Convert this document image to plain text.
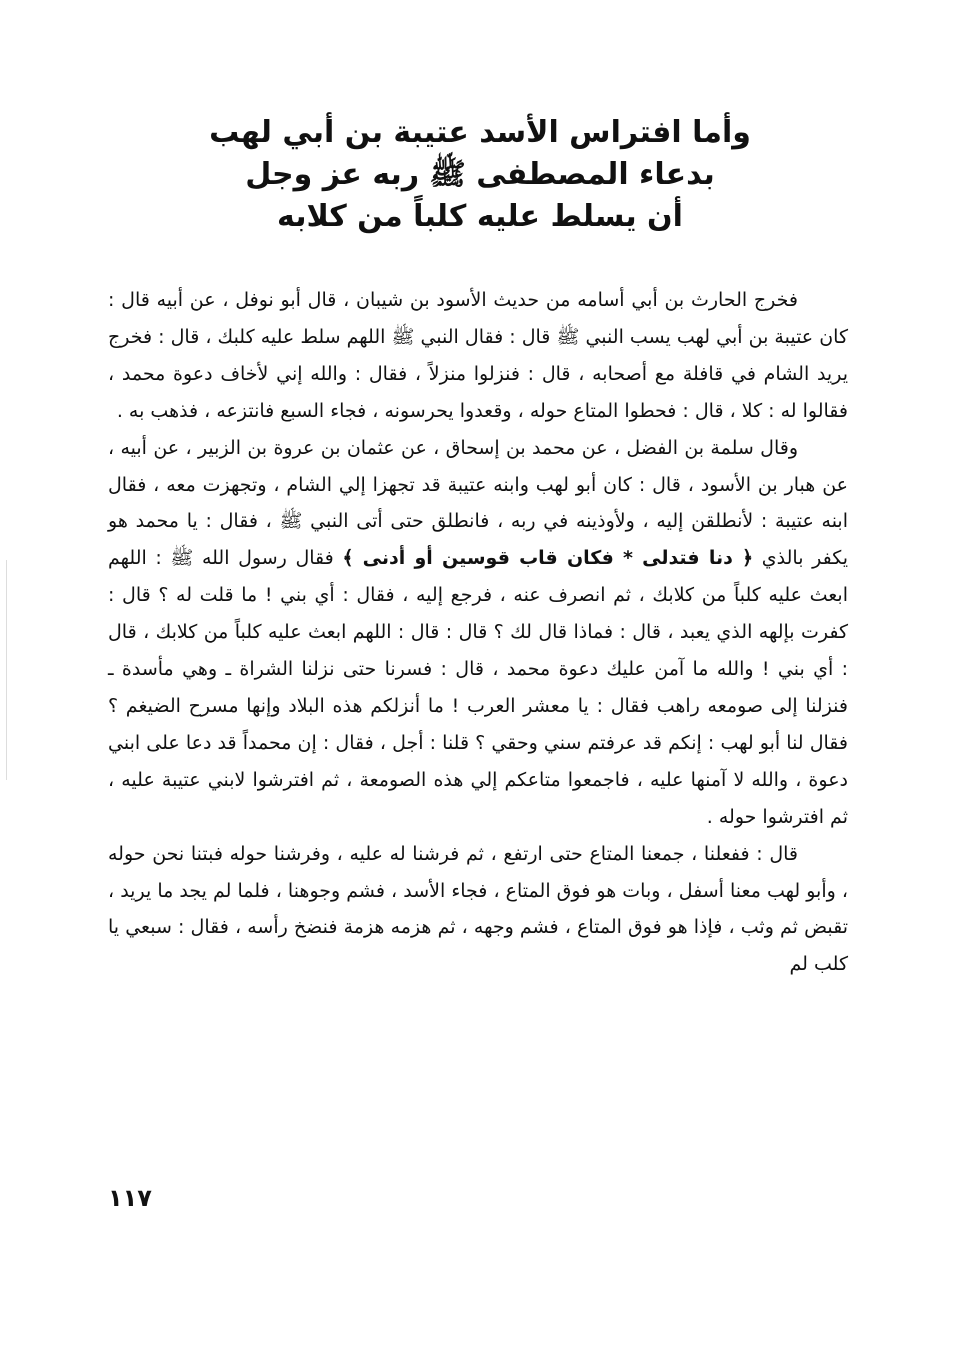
وأما افتراس الأسد عتيبة بن أبي لهب
بدعاء المصطفى ﷺ ربه عز وجل
أن يسلط عليه كلباً من كلابه

فخرج الحارث بن أبي أسامه من حديث الأسود بن شيبان ، قال أبو نوفل ، عن أبيه قال : كان عتيبة بن أبي لهب يسب النبي ﷺ قال : فقال النبي ﷺ اللهم سلط عليه كلبك ، قال : فخرج يريد الشام في قافلة مع أصحابه ، قال : فنزلوا منزلاً ، فقال : والله إني لأخاف دعوة محمد ، فقالوا له : كلا ، قال : فحطوا المتاع حوله ، وقعدوا يحرسونه ، فجاء السبع فانتزعه ، فذهب به .

وقال سلمة بن الفضل ، عن محمد بن إسحاق ، عن عثمان بن عروة بن الزبير ، عن أبيه ، عن هبار بن الأسود ، قال : كان أبو لهب وابنه عتيبة قد تجهزا إلي الشام ، وتجهزت معه ، فقال ابنه عتيبة : لأنطلقن إليه ، ولأوذينه في ربه ، فانطلق حتى أتى النبي ﷺ ، فقال : يا محمد هو يكفر بالذي ﴿ دنا فتدلى * فكان قاب قوسين أو أدنى ﴾ فقال رسول الله ﷺ : اللهم ابعث عليه كلباً من كلابك ، ثم انصرف عنه ، فرجع إليه ، فقال : أي بني ! ما قلت له ؟ قال : كفرت بإلهه الذي يعبد ، قال : فماذا قال لك ؟ قال : قال : اللهم ابعث عليه كلباً من كلابك ، قال : أي بني ! والله ما آمن عليك دعوة محمد ، قال : فسرنا حتى نزلنا الشراة ـ وهي مأسدة ـ فنزلنا إلى صومعه راهب فقال : يا معشر العرب ! ما أنزلكم هذه البلاد وإنها مسرح الضيغم ؟ فقال لنا أبو لهب : إنكم قد عرفتم سني وحقي ؟ قلنا : أجل ، فقال : إن محمداً قد دعا على ابني دعوة ، والله لا آمنها عليه ، فاجمعوا متاعكم إلي هذه الصومعة ، ثم افترشوا لابني عتيبة عليه ، ثم افترشوا حوله .

قال : ففعلنا ، جمعنا المتاع حتى ارتفع ، ثم فرشنا له عليه ، وفرشنا حوله فبتنا نحن حوله ، وأبو لهب معنا أسفل ، وبات هو فوق المتاع ، فجاء الأسد ، فشم وجوهنا ، فلما لم يجد ما يريد ، تقبض ثم وثب ، فإذا هو فوق المتاع ، فشم وجهه ، ثم هزمه هزمة فنضخ رأسه ، فقال : سبعي يا كلب لم

١١٧
